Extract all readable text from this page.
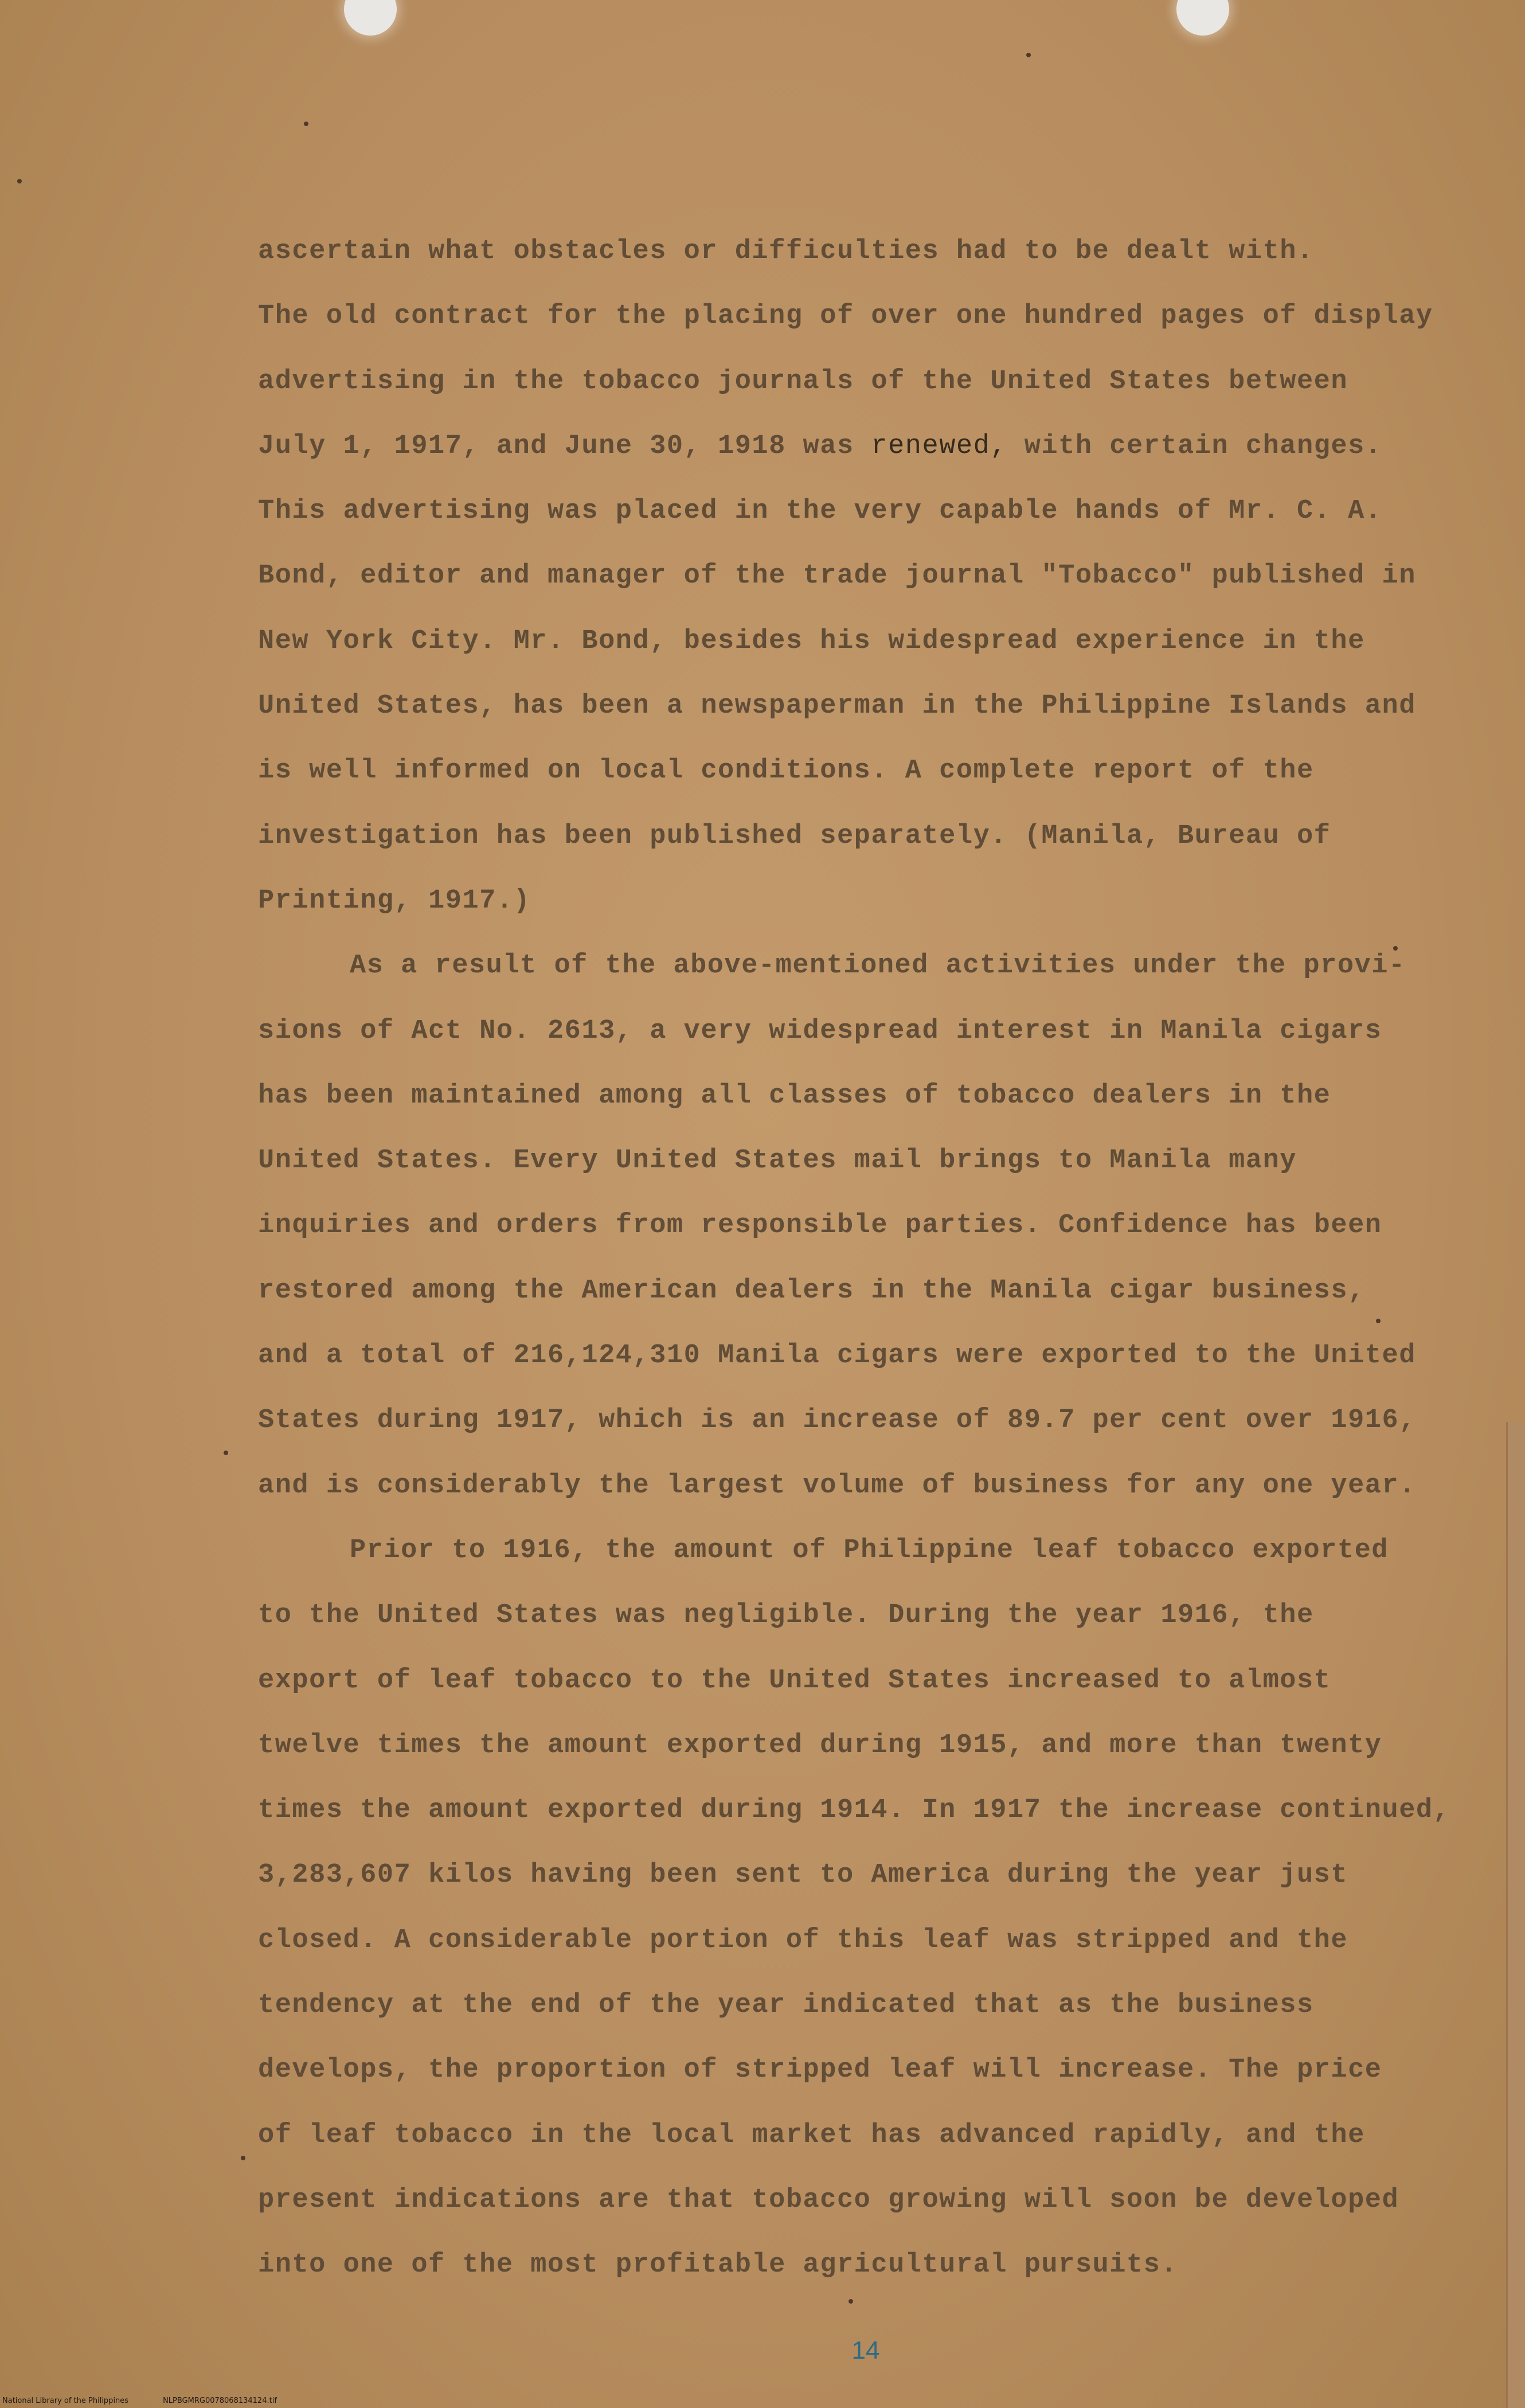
ascertain what obstacles or difficulties had to be dealt with.
The old contract for the placing of over one hundred pages of display
advertising in the tobacco journals of the United States between
July 1, 1917, and June 30, 1918 was renewed, with certain changes.
This advertising was placed in the very capable hands of Mr. C. A.
Bond, editor and manager of the trade journal "Tobacco" published in
New York City. Mr. Bond, besides his widespread experience in the
United States, has been a newspaperman in the Philippine Islands and
is well informed on local conditions. A complete report of the
investigation has been published separately. (Manila, Bureau of
Printing, 1917.)
As a result of the above-mentioned activities under the provi-
sions of Act No. 2613, a very widespread interest in Manila cigars
has been maintained among all classes of tobacco dealers in the
United States. Every United States mail brings to Manila many
inquiries and orders from responsible parties. Confidence has been
restored among the American dealers in the Manila cigar business,
and a total of 216,124,310 Manila cigars were exported to the United
States during 1917, which is an increase of 89.7 per cent over 1916,
and is considerably the largest volume of business for any one year.
Prior to 1916, the amount of Philippine leaf tobacco exported
to the United States was negligible. During the year 1916, the
export of leaf tobacco to the United States increased to almost
twelve times the amount exported during 1915, and more than twenty
times the amount exported during 1914. In 1917 the increase continued,
3,283,607 kilos having been sent to America during the year just
closed. A considerable portion of this leaf was stripped and the
tendency at the end of the year indicated that as the business
develops, the proportion of stripped leaf will increase. The price
of leaf tobacco in the local market has advanced rapidly, and the
present indications are that tobacco growing will soon be developed
into one of the most profitable agricultural pursuits.
14
National Library of the Philippines	NLPBGMRG0078068134124.tif
